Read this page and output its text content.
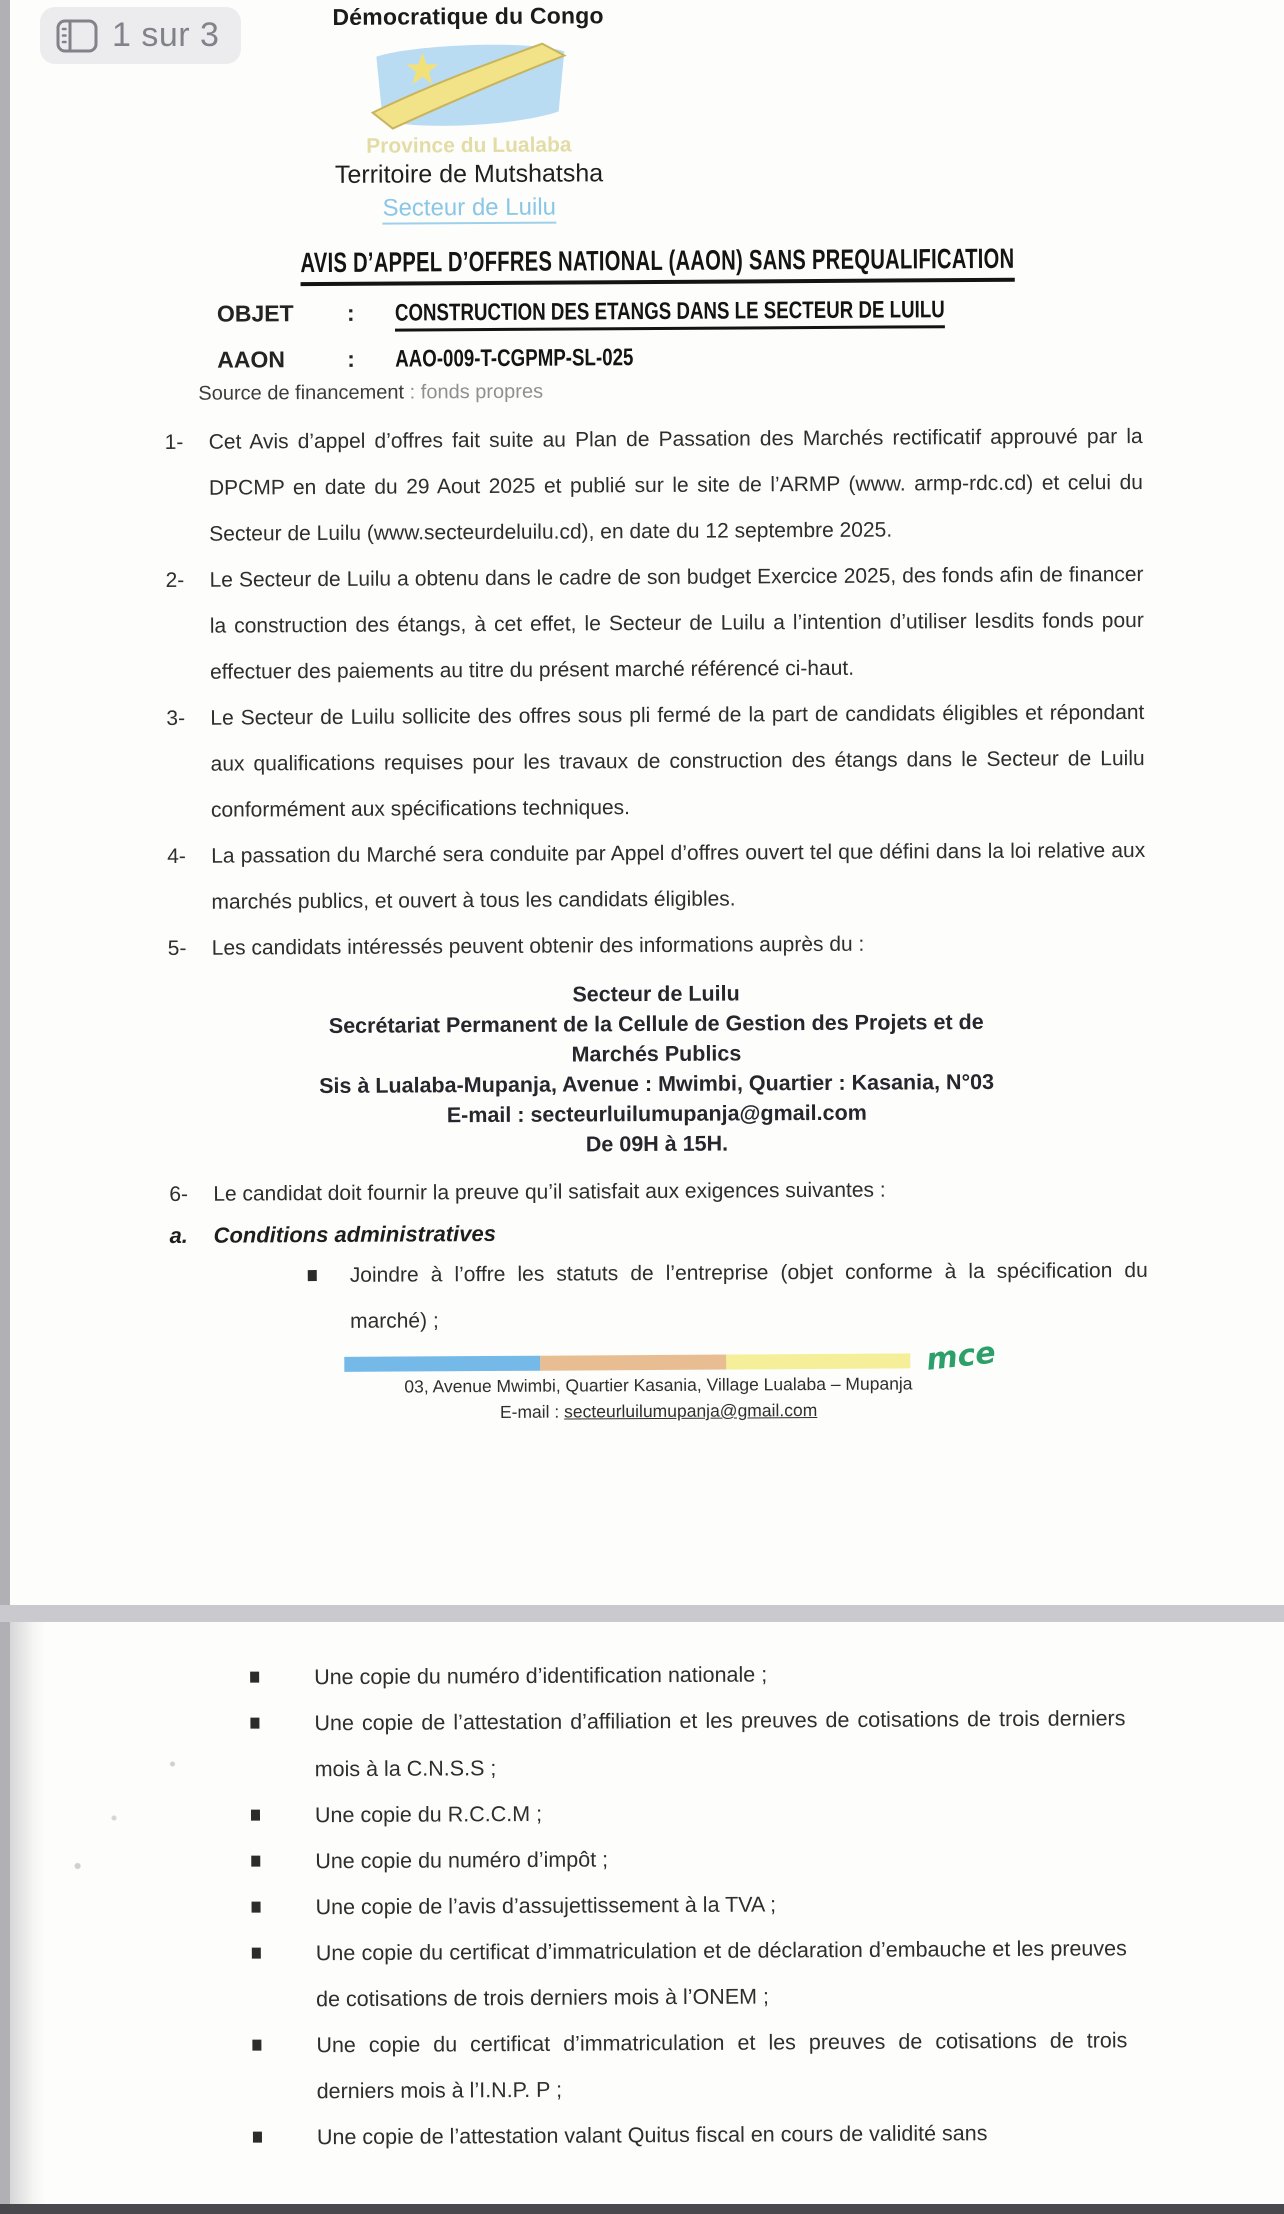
Démocratique du Congo
Province du Lualaba
Territoire de Mutshatsha
Secteur de Luilu
AVIS D’APPEL D’OFFRES NATIONAL (AAON) SANS PREQUALIFICATION
OBJET	:	CONSTRUCTION DES ETANGS DANS LE SECTEUR DE LUILU
AAON	:	AAO-009-T-CGPMP-SL-025
Source de financement : fonds propres
1-	Cet Avis d’appel d’offres fait suite au Plan de Passation des Marchés rectificatif approuvé par la DPCMP en date du 29 Aout 2025 et publié sur le site de l’ARMP (www. armp-rdc.cd) et celui du Secteur de Luilu (www.secteurdeluilu.cd), en date du 12 septembre 2025.
2-	Le Secteur de Luilu a obtenu dans le cadre de son budget Exercice 2025, des fonds afin de financer la construction des étangs, à cet effet, le Secteur de Luilu a l’intention d’utiliser lesdits fonds pour effectuer des paiements au titre du présent marché référencé ci-haut.
3-	Le Secteur de Luilu sollicite des offres sous pli fermé de la part de candidats éligibles et répondant aux qualifications requises pour les travaux de construction des étangs dans le Secteur de Luilu conformément aux spécifications techniques.
4-	La passation du Marché sera conduite par Appel d’offres ouvert tel que défini dans la loi relative aux marchés publics, et ouvert à tous les candidats éligibles.
5-	Les candidats intéressés peuvent obtenir des informations auprès du :
Secteur de Luilu
Secrétariat Permanent de la Cellule de Gestion des Projets et de
Marchés Publics
Sis à Lualaba-Mupanja, Avenue : Mwimbi, Quartier : Kasania, N°03
E-mail : secteurluilumupanja@gmail.com
De 09H à 15H.
6-	Le candidat doit fournir la preuve qu’il satisfait aux exigences suivantes :
a.	Conditions administratives
Joindre à l’offre les statuts de l’entreprise (objet conforme à la spécification du marché) ;
mce
03, Avenue Mwimbi, Quartier Kasania, Village Lualaba – Mupanja
E-mail : secteurluilumupanja@gmail.com
Une copie du numéro d’identification nationale ;
Une copie de l’attestation d’affiliation et les preuves de cotisations de trois derniers mois à la C.N.S.S ;
Une copie du R.C.C.M ;
Une copie du numéro d’impôt ;
Une copie de l’avis d’assujettissement à la TVA ;
Une copie du certificat d’immatriculation et de déclaration d’embauche et les preuves de cotisations de trois derniers mois à l’ONEM ;
Une copie du certificat d’immatriculation et les preuves de cotisations de trois derniers mois à l’I.N.P. P ;
Une copie de l’attestation valant Quitus fiscal en cours de validité sans
1 sur 3
